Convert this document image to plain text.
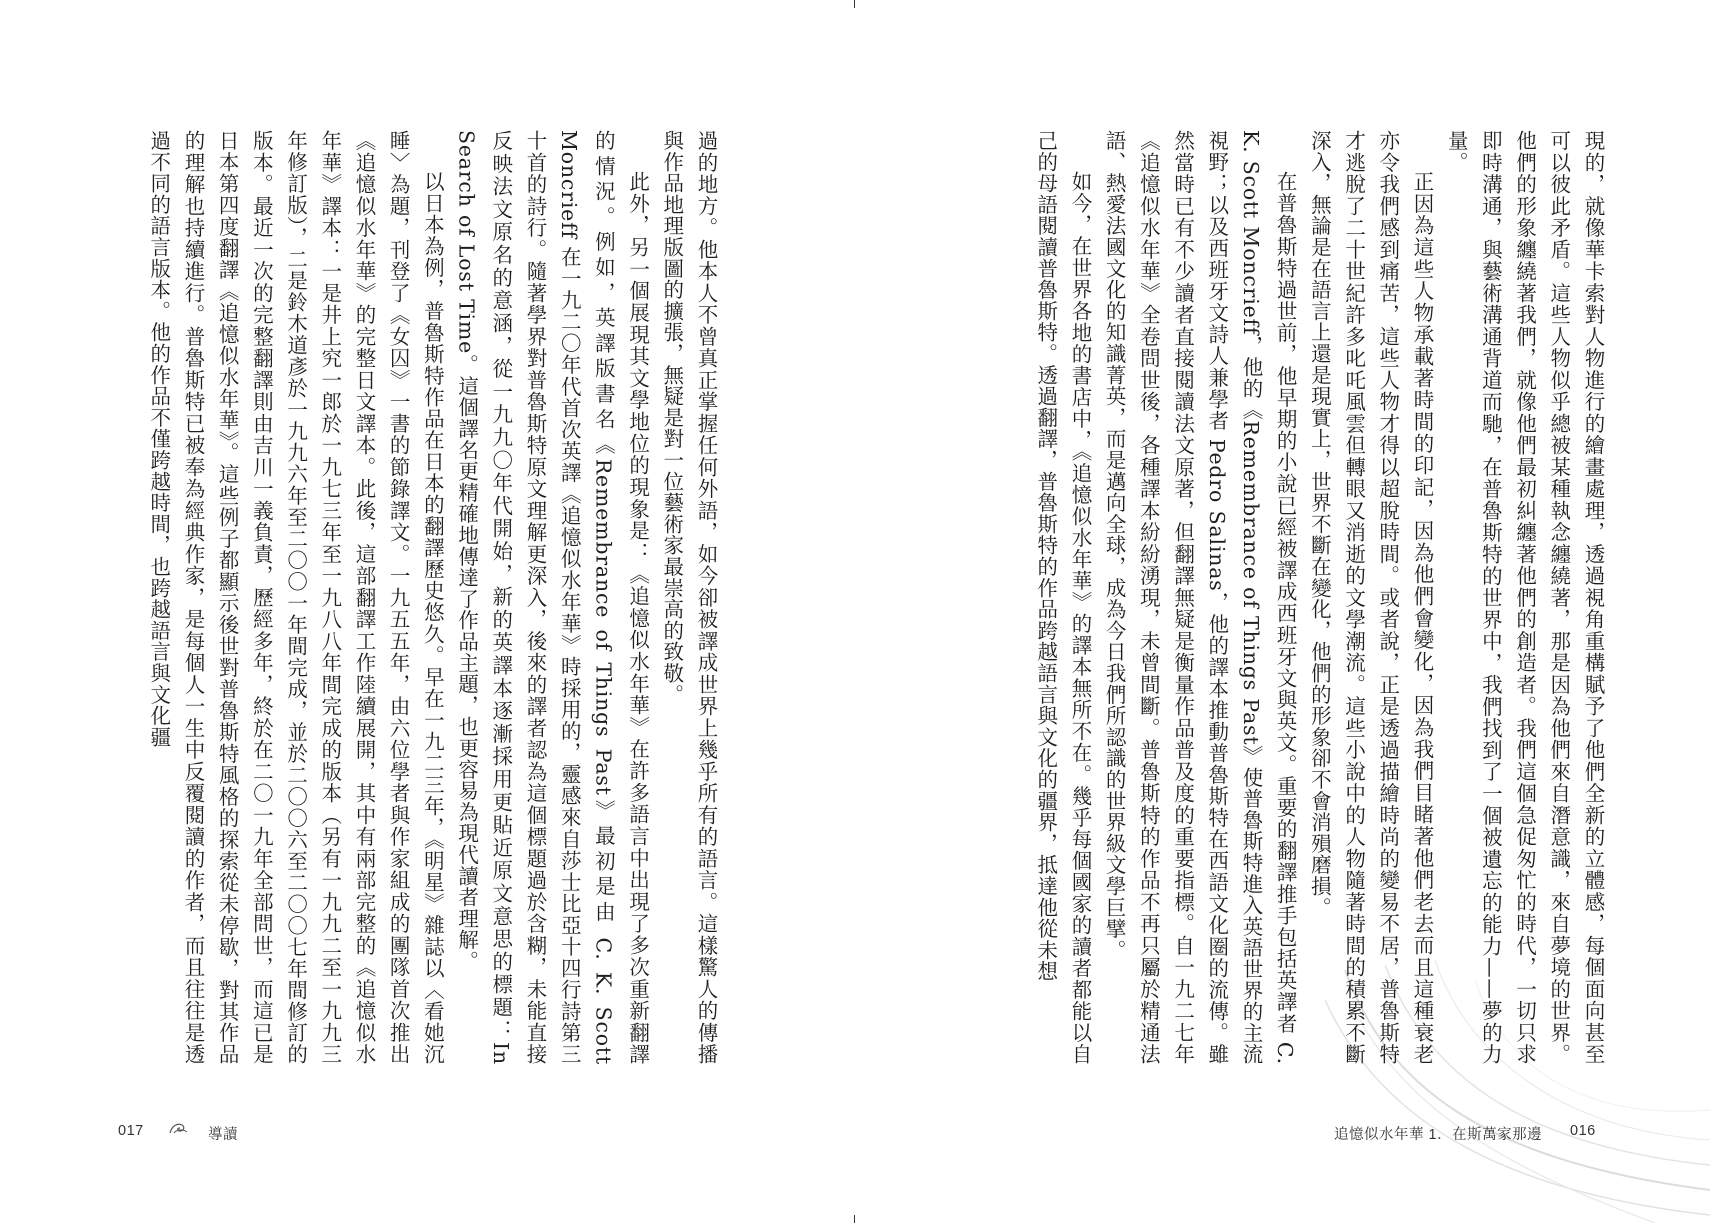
現的，就像華卡索對人物進行的繪畫處理，透過視角重構賦予了他們全新的立體感，每個面向甚至可以彼此矛盾。這些人物似乎總被某種執念纏繞著，那是因為他們來自潛意識，來自夢境的世界。他們的形象纏繞著我們，就像他們最初糾纏著他們的創造者。我們這個急促匆忙的時代，一切只求即時溝通，與藝術溝通背道而馳，在普魯斯特的世界中，我們找到了一個被遺忘的能力——夢的力量。

正因為這些人物承載著時間的印記，因為他們會變化，因為我們目睹著他們老去而且這種衰老亦令我們感到痛苦，這些人物才得以超脫時間。或者說，正是透過描繪時尚的變易不居，普魯斯特才逃脫了二十世紀許多叱吒風雲但轉眼又消逝的文學潮流。這些小說中的人物隨著時間的積累不斷深入，無論是在語言上還是現實上，世界不斷在變化，他們的形象卻不會消殞磨損。

在普魯斯特過世前，他早期的小說已經被譯成西班牙文與英文。重要的翻譯推手包括英譯者 C. K. Scott Moncrieff，他的《Remembrance of Things Past》使普魯斯特進入英語世界的主流視野；以及西班牙文詩人兼學者 Pedro Salinas，他的譯本推動普魯斯特在西語文化圈的流傳。雖然當時已有不少讀者直接閱讀法文原著，但翻譯無疑是衡量作品普及度的重要指標。自一九二七年《追憶似水年華》全卷問世後，各種譯本紛紛湧現，未曾間斷。普魯斯特的作品不再只屬於精通法語、熱愛法國文化的知識菁英，而是邁向全球，成為今日我們所認識的世界級文學巨擘。

如今，在世界各地的書店中，《追憶似水年華》的譯本無所不在。幾乎每個國家的讀者都能以自己的母語閱讀普魯斯特。透過翻譯，普魯斯特的作品跨越語言與文化的疆界，抵達他從未想

過的地方。他本人不曾真正掌握任何外語，如今卻被譯成世界上幾乎所有的語言。這樣驚人的傳播與作品地理版圖的擴張，無疑是對一位藝術家最崇高的致敬。

此外，另一個展現其文學地位的現象是：《追憶似水年華》在許多語言中出現了多次重新翻譯的情況。例如，英譯版書名《Remembrance of Things Past》最初是由 C. K. Scott Moncrieff 在一九二〇年代首次英譯《追憶似水年華》時採用的，靈感來自莎士比亞十四行詩第三十首的詩行。隨著學界對普魯斯特原文理解更深入，後來的譯者認為這個標題過於含糊，未能直接反映法文原名的意涵，從一九九〇年代開始，新的英譯本逐漸採用更貼近原文意思的標題：In Search of Lost Time。這個譯名更精確地傳達了作品主題，也更容易為現代讀者理解。

以日本為例，普魯斯特作品在日本的翻譯歷史悠久。早在一九二三年，《明星》雜誌以〈看她沉睡〉為題，刊登了《女囚》一書的節錄譯文。一九五五年，由六位學者與作家組成的團隊首次推出《追憶似水年華》的完整日文譯本。此後，這部翻譯工作陸續展開，其中有兩部完整的《追憶似水年華》譯本：一是井上究一郎於一九七三年至一九八八年間完成的版本（另有一九九二至一九九三年修訂版），二是鈴木道彥於一九九六年至二〇〇一年間完成，並於二〇〇六至二〇〇七年間修訂的版本。最近一次的完整翻譯則由吉川一義負責，歷經多年，終於在二〇一九年全部問世，而這已是日本第四度翻譯《追憶似水年華》。這些例子都顯示後世對普魯斯特風格的探索從未停歇，對其作品的理解也持續進行。普魯斯特已被奉為經典作家，是每個人一生中反覆閱讀的作者，而且往往是透過不同的語言版本。他的作品不僅跨越時間，也跨越語言與文化疆

017	導讀	追憶似水年華 1．在斯萬家那邊 016
